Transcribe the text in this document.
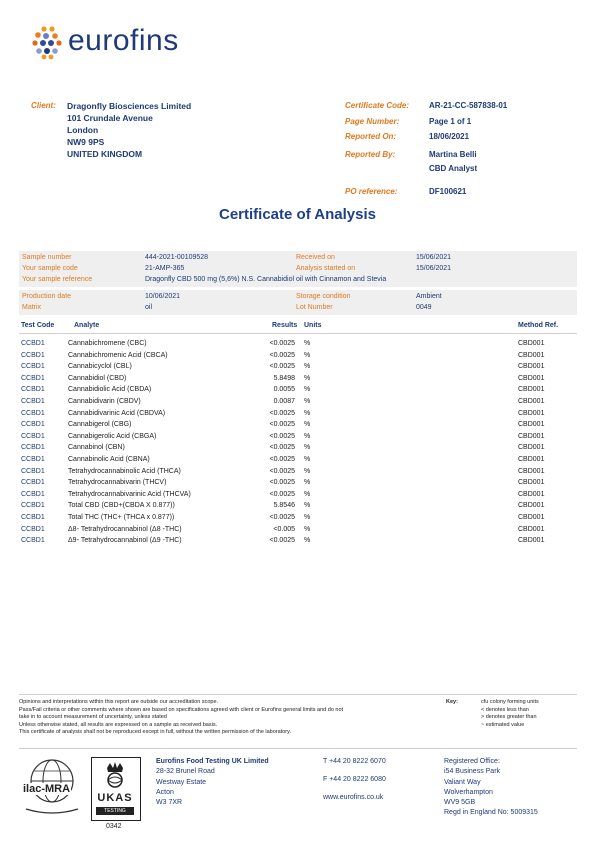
eurofins
Client: Dragonfly Biosciences Limited
101 Crundale Avenue
London
NW9 9PS
UNITED KINGDOM
Certificate Code: AR-21-CC-587838-01
Page Number:	Page 1 of 1
Reported On:	18/06/2021
Reported By:	Martina Belli
CBD Analyst
PO reference:	DF100621
Certificate of Analysis
Sample number	444-2021-00109528	Received on	15/06/2021
Your sample code	21-AMP-365	Analysis started on	15/06/2021
Your sample reference	Dragonfly CBD 500 mg (5,6%) N.S. Cannabidiol oil with Cinnamon and Stevia
Production date	10/06/2021	Storage condition	Ambient
Matrix	oil	Lot Number	0049
Test Code	Analyte	Results Units	Method Ref.
CCBD1	Cannabichromene (CBC)	<0.0025 %	CBD001
CCBD1	Cannabichromenic Acid (CBCA)	<0.0025 %	CBD001
CCBD1	Cannabicyclol (CBL)	<0.0025 %	CBD001
CCBD1	Cannabidiol (CBD)	5.8498 %	CBD001
CCBD1	Cannabidiolic Acid (CBDA)	0.0055 %	CBD001
CCBD1	Cannabidivarin (CBDV)	0.0087 %	CBD001
CCBD1	Cannabidivarinic Acid (CBDVA)	<0.0025 %	CBD001
CCBD1	Cannabigerol (CBG)	<0.0025 %	CBD001
CCBD1	Cannabigerolic Acid (CBGA)	<0.0025 %	CBD001
CCBD1	Cannabinol (CBN)	<0.0025 %	CBD001
CCBD1	Cannabinolic Acid (CBNA)	<0.0025 %	CBD001
CCBD1	Tetrahydrocannabinolic Acid (THCA)	<0.0025 %	CBD001
CCBD1	Tetrahydrocannabivarin (THCV)	<0.0025 %	CBD001
CCBD1	Tetrahydrocannabivarinic Acid (THCVA)	<0.0025 %	CBD001
CCBD1	Total CBD (CBD+(CBDA X 0.877))	5.8546 %	CBD001
CCBD1	Total THC (THC+ (THCA x 0.877))	<0.0025 %	CBD001
CCBD1	Δ8- Tetrahydrocannabinol (Δ8 -THC)	<0.005 %	CBD001
CCBD1	Δ9- Tetrahydrocannabinol (Δ9 -THC)	<0.0025 %	CBD001
Opinions and interpretations within this report are outside our accreditation scope.
Pass/Fail criteria or other comments where shown are based on specifications agreed with client or Eurofins general limits and do not
take in to account measurement of uncertainty, unless stated
Unless otherwise stated, all results are expressed on a sample as received basis.
This certificate of analysis shall not be reproduced except in full, without the written permission of the laboratory.
Key:	cfu colony forming units
< denotes less than
> denotes greater than
~ estimated value
ilac-MRA
UKAS
TESTING
0342
Eurofins Food Testing UK Limited
28-32 Brunel Road
Westway Estate
Acton
W3 7XR
T +44 20 8222 6070
F +44 20 8222 6080
www.eurofins.co.uk
Registered Office:
i54 Business Park
Valiant Way
Wolverhampton
WV9 5GB
Regd in England No: 5009315
